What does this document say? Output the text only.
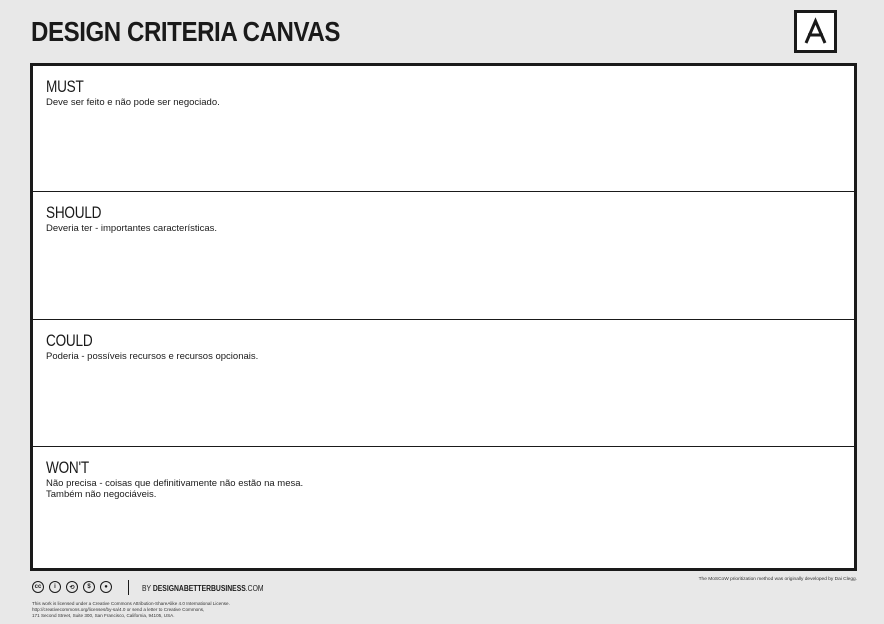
DESIGN CRITERIA CANVAS
MUST
Deve ser feito e não pode ser negociado.
SHOULD
Deveria ter - importantes características.
COULD
Poderia - possíveis recursos e recursos opcionais.
WON'T
Não precisa - coisas que definitivamente não estão na mesa.
Também não negociáveis.
cc	i	⟲	$	●	BY DESIGNABETTERBUSINESS.COM
This work is licensed under a Creative Commons Attribution-ShareAlike 4.0 International License.
http://creativecommons.org/licenses/by-sa/4.0 or send a letter to Creative Commons,
171 Second Street, Suite 300, San Francisco, California, 94105, USA.
The MoSCoW prioritization method was originally developed by Dai Clegg.
